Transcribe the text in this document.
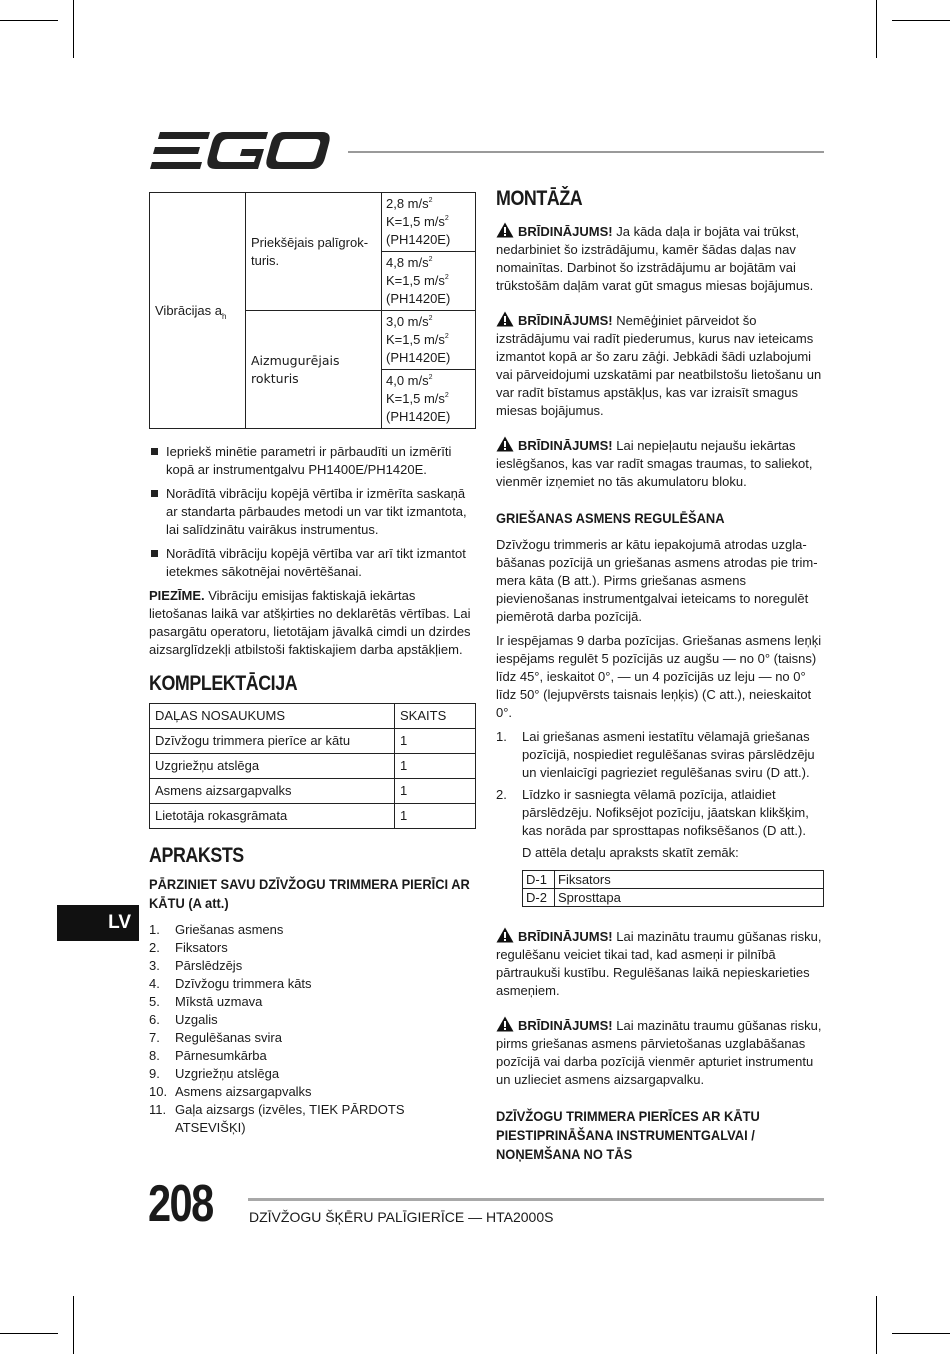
Vibrācijas $a_h$	Priekšējais palīgrok-turis.	2,8 $m/s^2$
K=1,5 $m/s^2$
(PH1420E)
		4,8 $m/s^2$
K=1,5 $m/s^2$
(PH1420E)
	Aizmugurējais rokturis	3,0 $m/s^2$
K=1,5 $m/s^2$
(PH1420E)
		4,0 $m/s^2$
K=1,5 $m/s^2$
(PH1420E)
Iepriekš minētie parametri ir pārbaudīti un izmērīti kopā ar instrumentgalvu PH1400E/PH1420E.
Norādītā vibrāciju kopējā vērtība ir izmērīta saskaņā ar standarta pārbaudes metodi un var tikt izmantota, lai salīdzinātu vairākus instrumentus.
Norādītā vibrāciju kopējā vērtība var arī tikt izmantot ietekmes sākotnējai novērtēšanai.

PIEZĪME. Vibrāciju emisijas faktiskajā iekārtas lietošanas laikā var atšķirties no deklarētās vērtības. Lai pasargātu operatoru, lietotājam jāvalkā cimdi un dzirdes aizsarglīdzekļi atbilstoši faktiskajiem darba apstākļiem.

KOMPLEKTĀCIJA
DAĻAS NOSAUKUMS	SKAITS
Dzīvžogu trimmera pierīce ar kātu	1
Uzgriežņu atslēga	1
Asmens aizsargapvalks	1
Lietotāja rokasgrāmata	1
APRAKSTS
PĀRZINIET SAVU DZĪVŽOGU TRIMMERA PIERĪCI AR KĀTU (A att.)
1.	Griešanas asmens
2.	Fiksators
3.	Pārslēdzējs
4.	Dzīvžogu trimmera kāts
5.	Mīkstā uzmava
6.	Uzgalis
7.	Regulēšanas svira
8.	Pārnesumkārba
9.	Uzgriežņu atslēga
10. Asmens aizsargapvalks
11. Gaļa aizsargs (izvēles, TIEK PĀRDOTS ATSEVIŠĶI)
MONTĀŽA

BRĪDINĀJUMS! Ja kāda daļa ir bojāta vai trūkst, nedarbiniet šo izstrādājumu, kamēr šādas daļas nav nomainītas. Darbinot šo izstrādājumu ar bojātām vai trūkstošām daļām varat gūt smagus miesas bojājumus.

BRĪDINĀJUMS! Nemēģiniet pārveidot šo izstrādājumu vai radīt piederumus, kurus nav ieteicams izmantot kopā ar šo zaru zāģi. Jebkādi šādi uzlabojumi vai pārveidojumi uzskatāmi par neatbilstošu lietošanu un var radīt bīstamus apstākļus, kas var izraisīt smagus miesas bojājumus.

BRĪDINĀJUMS! Lai nepieļautu nejaušu iekārtas ieslēgšanos, kas var radīt smagas traumas, to saliekot, vienmēr izņemiet no tās akumulatoru bloku.

GRIEŠANAS ASMENS REGULĒŠANA

Dzīvžogu trimmeris ar kātu iepakojumā atrodas uzgla-bāšanas pozīcijā un griešanas asmens atrodas pie trim-mera kāta (B att.). Pirms griešanas asmens pievienošanas instrumentgalvai ieteicams to noregulēt piemērotā darba pozīcijā.

Ir iespējamas 9 darba pozīcijas. Griešanas asmens leņķi iespējams regulēt 5 pozīcijās uz augšu — no 0° (taisns) līdz 45°, ieskaitot 0°, — un 4 pozīcijās uz leju — no 0° līdz 50° (lejupvērsts taisnais leņķis) (C att.), neieskaitot 0°.

1.	Lai griešanas asmeni iestatītu vēlamajā griešanas pozīcijā, nospiediet regulēšanas sviras pārslēdzēju un vienlaicīgi pagrieziet regulēšanas sviru (D att.).
2.	Līdzko ir sasniegta vēlamā pozīcija, atlaidiet pārslēdzēju. Nofiksējot pozīciju, jāatskan klikšķim, kas norāda par sprosttapas nofiksēšanos (D att.).

D attēla detaļu apraksts skatīt zemāk:

D-1	Fiksators
D-2	Sprosttapa

BRĪDINĀJUMS! Lai mazinātu traumu gūšanas risku, regulēšanu veiciet tikai tad, kad asmeņi ir pilnībā pārtraukuši kustību. Regulēšanas laikā nepieskarieties asmeņiem.

BRĪDINĀJUMS! Lai mazinātu traumu gūšanas risku, pirms griešanas asmens pārvietošanas uzglabāšanas pozīcijā vai darba pozīcijā vienmēr apturiet instrumentu un uzlieciet asmens aizsargapvalku.

DZĪVŽOGU TRIMMERA PIERĪCES AR KĀTU PIESTIPRINĀŠANA INSTRUMENTGALVAI / NOŅEMŠANA NO TĀS
LV
208	DZĪVŽOGU ŠĶĒRU PALĪGIERĪCE — HTA2000S
